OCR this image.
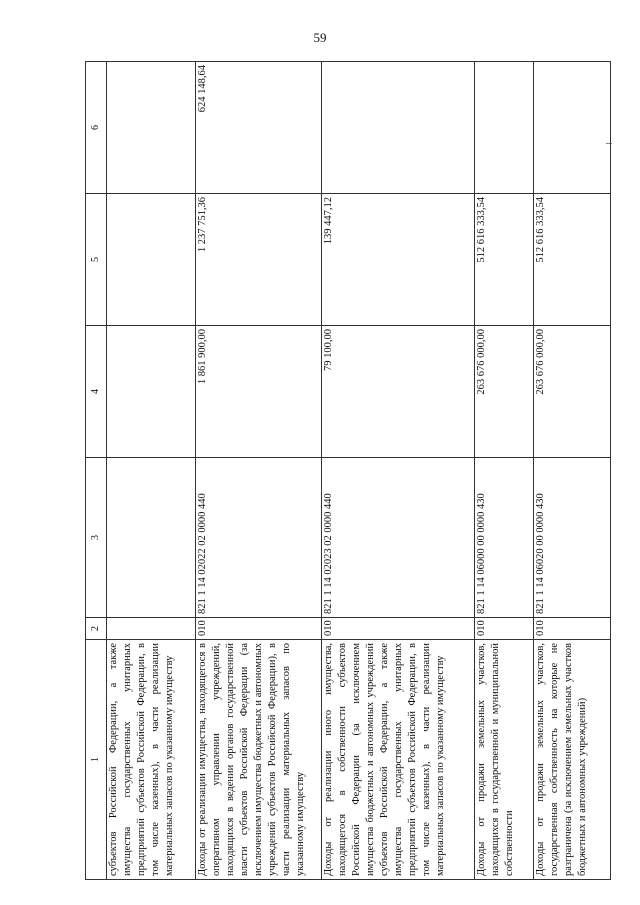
59
1	2	3	4	5	6
субъектов Российской Федерации, а также имущества государственных унитарных предприятий субъектов Российской Федерации, в том числе казенных), в части реализации материальных запасов по указанному имуществу					
Доходы от реализации имущества, находящегося в оперативном управлении учреждений, находящихся в ведении органов государственной власти субъектов Российской Федерации (за исключением имущества бюджетных и автономных учреждений субъектов Российской Федерации), в части реализации материальных запасов по указанному имуществу	010	821 1 14 02022 02 0000 440	1 861 900,00	1 237 751,36	624 148,64
Доходы от реализации иного имущества, находящегося в собственности субъектов Российской Федерации (за исключением имущества бюджетных и автономных учреждений субъектов Российской Федерации, а также имущества государственных унитарных предприятий субъектов Российской Федерации, в том числе казенных), в части реализации материальных запасов по указанному имуществу	010	821 1 14 02023 02 0000 440	79 100,00	139 447,12	
Доходы от продажи земельных участков, находящихся в государственной и муниципальной собственности	010	821 1 14 06000 00 0000 430	263 676 000,00	512 616 333,54	
Доходы от продажи земельных участков, государственная собственность на которые не разграничена (за исключением земельных участков бюджетных и автономных учреждений)	010	821 1 14 06020 00 0000 430	263 676 000,00	512 616 333,54	
